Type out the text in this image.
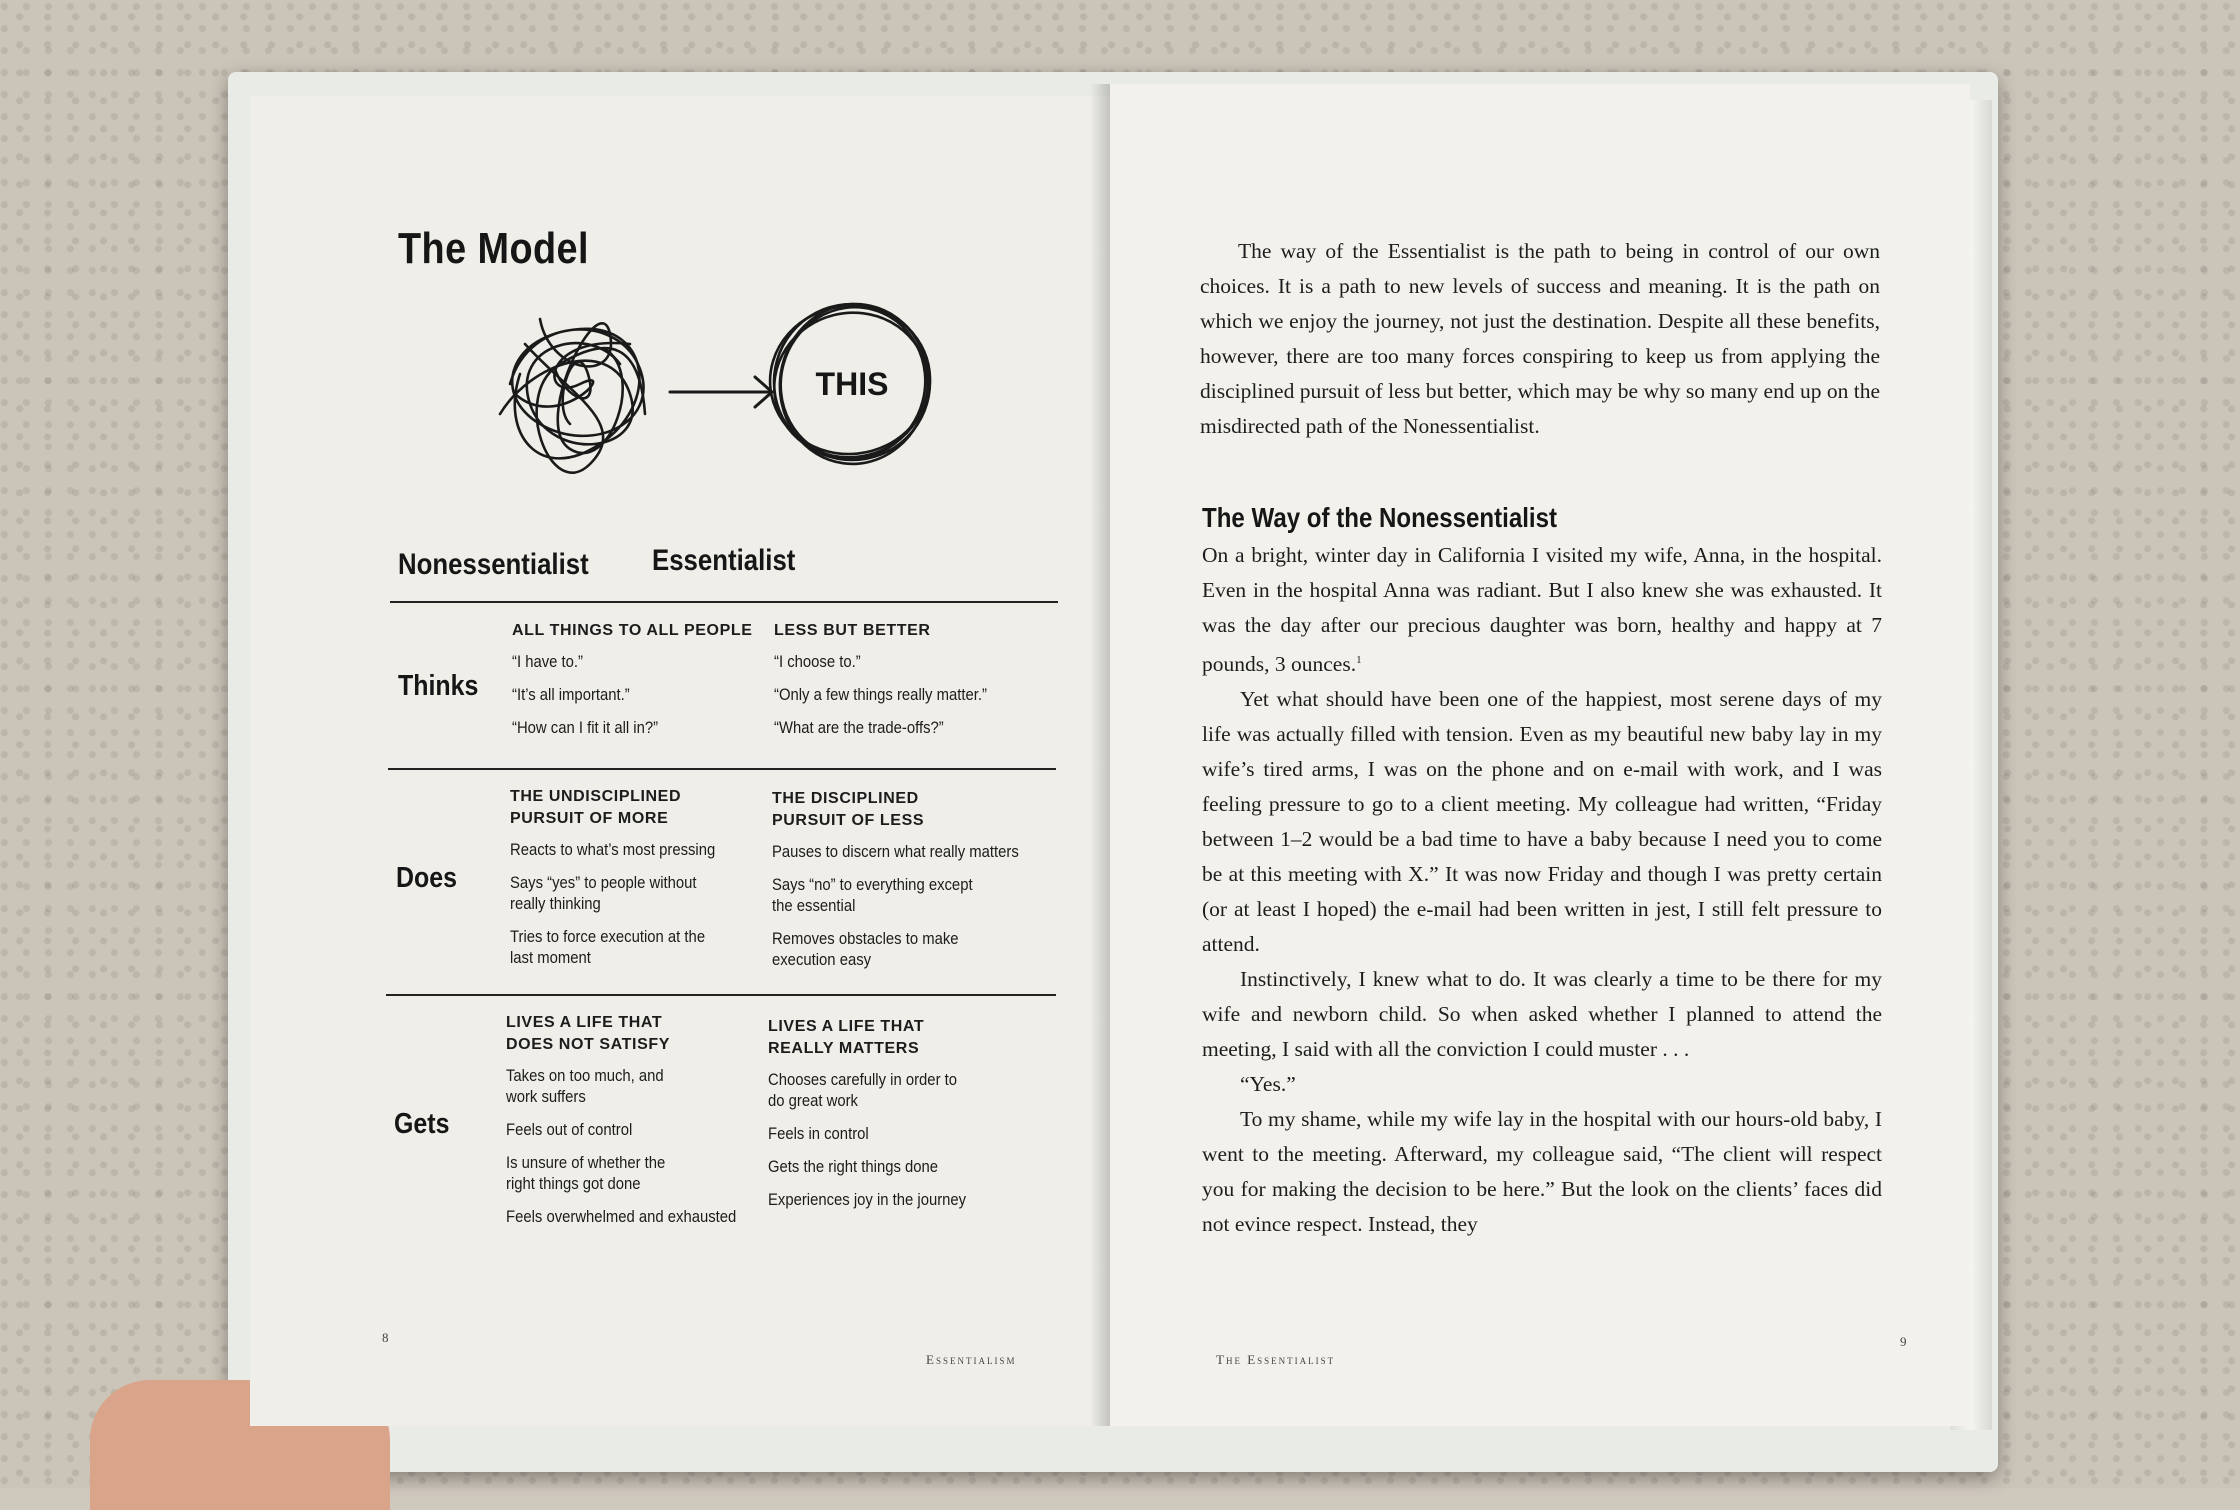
The Model
THIS
Nonessentialist Essentialist
Thinks
ALL THINGS TO ALL PEOPLE
“I have to.”
“It’s all important.”
“How can I fit it all in?”
LESS BUT BETTER
“I choose to.”
“Only a few things really matter.”
“What are the trade-offs?”
Does
THE UNDISCIPLINED PURSUIT OF MORE
Reacts to what’s most pressing
Says “yes” to people without really thinking
Tries to force execution at the last moment
THE DISCIPLINED PURSUIT OF LESS
Pauses to discern what really matters
Says “no” to everything except the essential
Removes obstacles to make execution easy
Gets
LIVES A LIFE THAT DOES NOT SATISFY
Takes on too much, and work suffers
Feels out of control
Is unsure of whether the right things got done
Feels overwhelmed and exhausted
LIVES A LIFE THAT REALLY MATTERS
Chooses carefully in order to do great work
Feels in control
Gets the right things done
Experiences joy in the journey
8
Essentialism

The way of the Essentialist is the path to being in control of our own choices. It is a path to new levels of success and meaning. It is the path on which we enjoy the journey, not just the destination. Despite all these benefits, however, there are too many forces conspiring to keep us from applying the disciplined pursuit of less but better, which may be why so many end up on the misdirected path of the Nonessentialist.

The Way of the Nonessentialist

On a bright, winter day in California I visited my wife, Anna, in the hospital. Even in the hospital Anna was radiant. But I also knew she was exhausted. It was the day after our precious daughter was born, healthy and happy at 7 pounds, 3 ounces.$^1$

Yet what should have been one of the happiest, most serene days of my life was actually filled with tension. Even as my beautiful new baby lay in my wife’s tired arms, I was on the phone and on e-mail with work, and I was feeling pressure to go to a client meeting. My colleague had written, “Friday between 1–2 would be a bad time to have a baby because I need you to come be at this meeting with X.” It was now Friday and though I was pretty certain (or at least I hoped) the e-mail had been written in jest, I still felt pressure to attend.

Instinctively, I knew what to do. It was clearly a time to be there for my wife and newborn child. So when asked whether I planned to attend the meeting, I said with all the conviction I could muster . . .

“Yes.”

To my shame, while my wife lay in the hospital with our hours-old baby, I went to the meeting. Afterward, my colleague said, “The client will respect you for making the decision to be here.” But the look on the clients’ faces did not evince respect. Instead, they

The Essentialist
9
